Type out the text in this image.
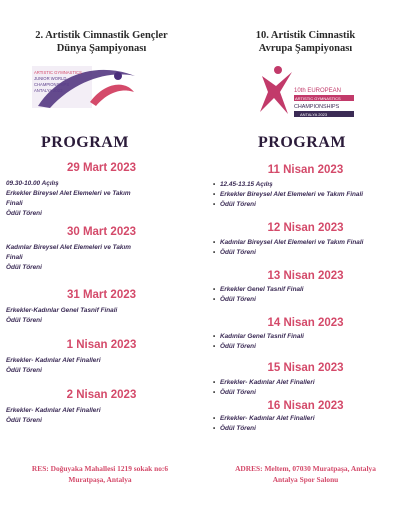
2. Artistik Cimnastik Gençler
Dünya Şampiyonası
ARTISTIC GYMNASTICS
JUNIOR WORLD
CHAMPIONSHIPS
ANTALYA 2023
PROGRAM
29 Mart 2023
09.30-10.00 Açılış
Erkekler Bireysel Alet Elemeleri ve Takım
Finali
Ödül Töreni
30 Mart 2023
Kadınlar Bireysel Alet Elemeleri ve Takım
Finali
Ödül Töreni
31 Mart 2023
Erkekler-Kadınlar Genel Tasnif Finali
Ödül Töreni
1 Nisan 2023
Erkekler- Kadınlar Alet Finalleri
Ödül Töreni
2 Nisan 2023
Erkekler- Kadınlar Alet Finalleri
Ödül Töreni
RES: Doğuyaka Mahallesi 1219 sokak no:6
Muratpaşa, Antalya
10. Artistik Cimnastik
Avrupa Şampiyonası
10th EUROPEAN
ARTISTIC GYMNASTICS
CHAMPIONSHIPS
ANTALYA 2023
PROGRAM
11 Nisan 2023
• 12.45-13.15 Açılış
• Erkekler Bireysel Alet Elemeleri ve Takım Finali
• Ödül Töreni
12 Nisan 2023
• Kadınlar Bireysel Alet Elemeleri ve Takım Finali
• Ödül Töreni
13 Nisan 2023
• Erkekler Genel Tasnif Finali
• Ödül Töreni
14 Nisan 2023
• Kadınlar Genel Tasnif Finali
• Ödül Töreni
15 Nisan 2023
• Erkekler- Kadınlar Alet Finalleri
• Ödül Töreni
16 Nisan 2023
• Erkekler- Kadınlar Alet Finalleri
• Ödül Töreni
ADRES: Meltem, 07030 Muratpaşa, Antalya
Antalya Spor Salonu
